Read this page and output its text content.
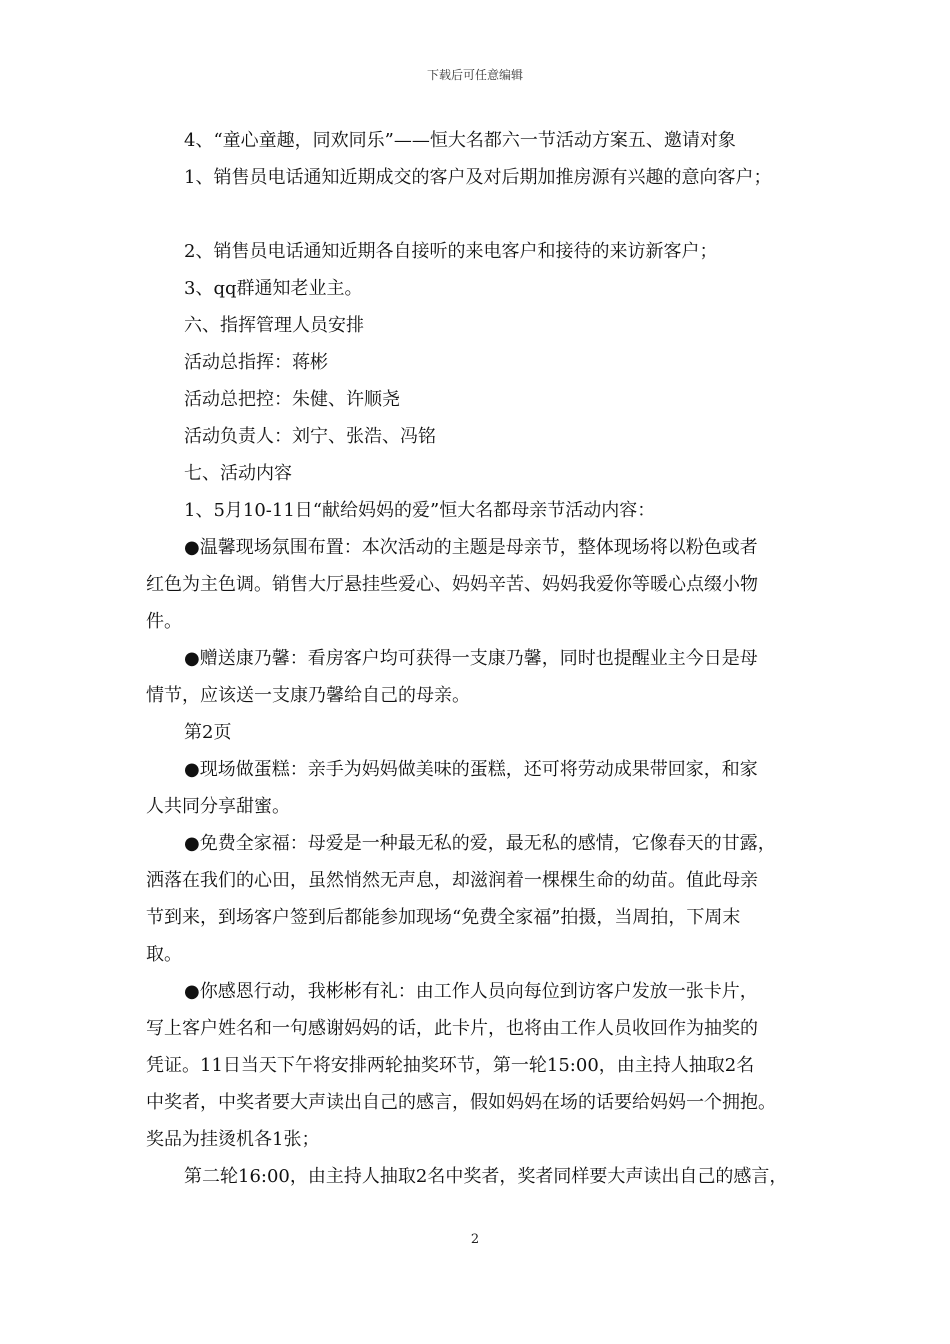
下载后可任意编辑
4、“童心童趣，同欢同乐”——恒大名都六一节活动方案五、邀请对象
1、销售员电话通知近期成交的客户及对后期加推房源有兴趣的意向客户；
2、销售员电话通知近期各自接听的来电客户和接待的来访新客户；
3、qq群通知老业主。
六、指挥管理人员安排
活动总指挥：蒋彬
活动总把控：朱健、许顺尧
活动负责人：刘宁、张浩、冯铭
七、活动内容
1、5月10-11日“献给妈妈的爱”恒大名都母亲节活动内容：
●温馨现场氛围布置：本次活动的主题是母亲节，整体现场将以粉色或者
红色为主色调。销售大厅悬挂些爱心、妈妈辛苦、妈妈我爱你等暖心点缀小物
件。
●赠送康乃馨：看房客户均可获得一支康乃馨，同时也提醒业主今日是母
情节，应该送一支康乃馨给自己的母亲。
第2页
●现场做蛋糕：亲手为妈妈做美味的蛋糕，还可将劳动成果带回家，和家
人共同分享甜蜜。
●免费全家福：母爱是一种最无私的爱，最无私的感情，它像春天的甘露，
洒落在我们的心田，虽然悄然无声息，却滋润着一棵棵生命的幼苗。值此母亲
节到来，到场客户签到后都能参加现场“免费全家福”拍摄，当周拍，下周末
取。
●你感恩行动，我彬彬有礼：由工作人员向每位到访客户发放一张卡片，
写上客户姓名和一句感谢妈妈的话，此卡片，也将由工作人员收回作为抽奖的
凭证。11日当天下午将安排两轮抽奖环节，第一轮15:00，由主持人抽取2名
中奖者，中奖者要大声读出自己的感言，假如妈妈在场的话要给妈妈一个拥抱。
奖品为挂烫机各1张；
第二轮16:00，由主持人抽取2名中奖者，奖者同样要大声读出自己的感言，
2
